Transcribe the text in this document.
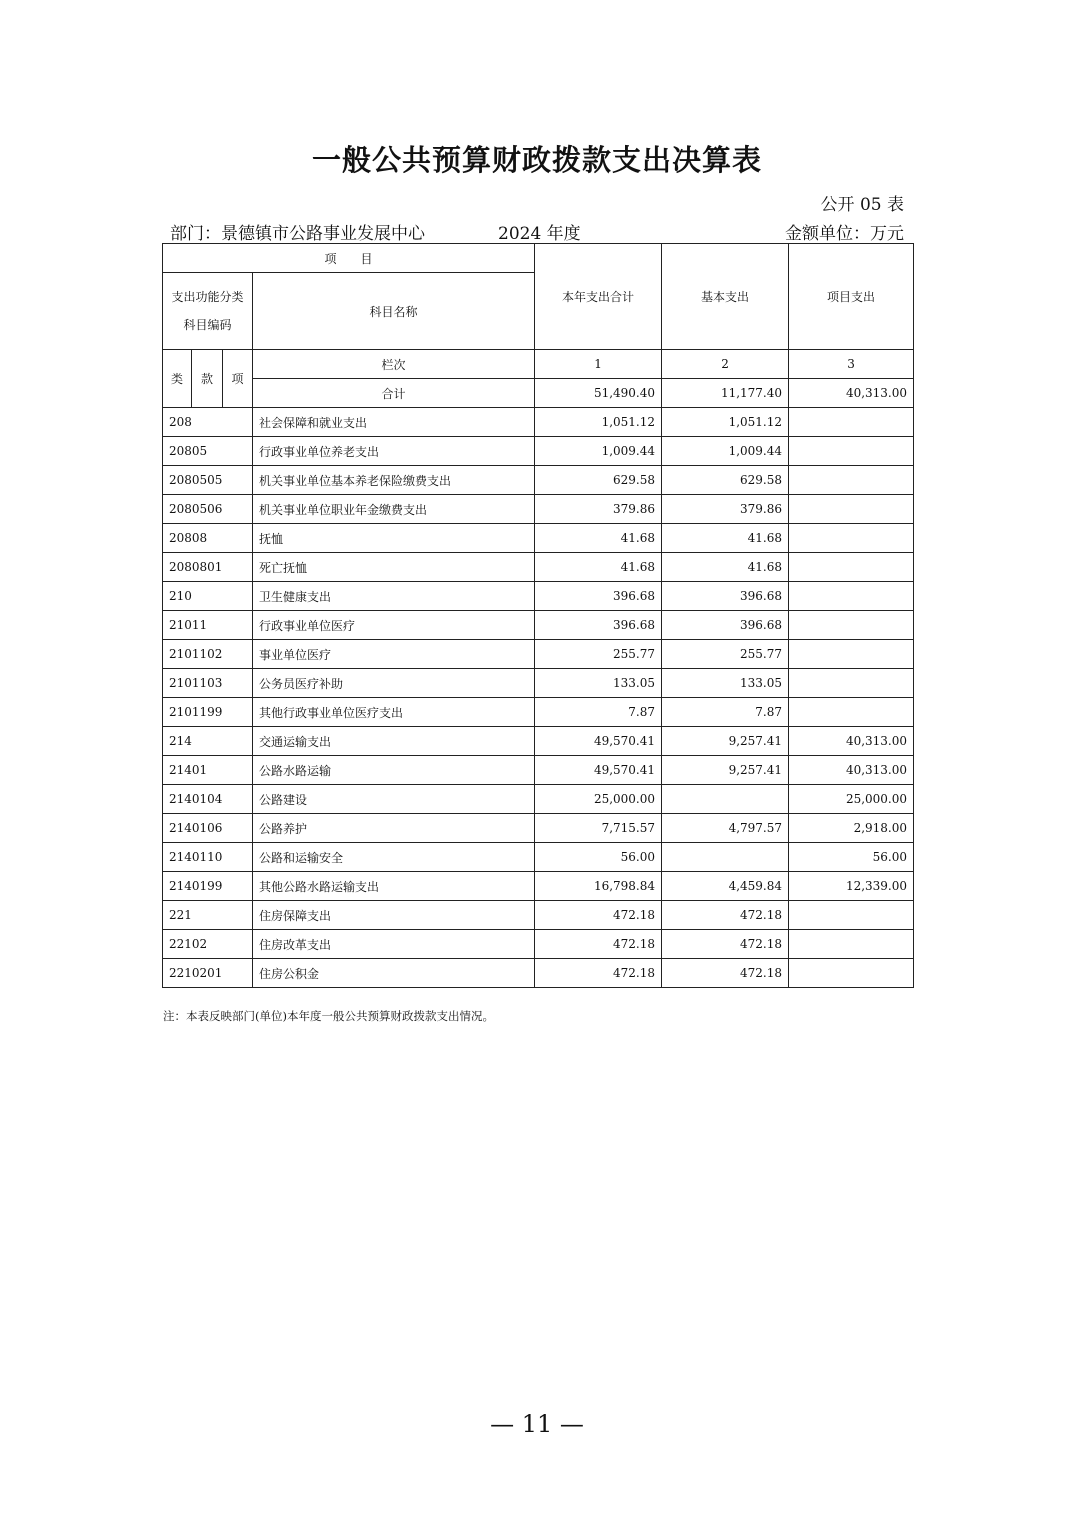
一般公共预算财政拨款支出决算表
公开 05 表
部门：景德镇市公路事业发展中心	2024 年度	金额单位：万元
项　　目				本年支出合计	基本支出	项目支出

支出功能分类
科目编码			科目名称			
类	款	项	栏次	1	2	3
			合计	51,490.40	11,177.40	40,313.00
208			社会保障和就业支出	1,051.12	1,051.12	
20805			行政事业单位养老支出	1,009.44	1,009.44	
2080505			机关事业单位基本养老保险缴费支出	629.58	629.58	
2080506			机关事业单位职业年金缴费支出	379.86	379.86	
20808			抚恤	41.68	41.68	
2080801			死亡抚恤	41.68	41.68	
210			卫生健康支出	396.68	396.68	
21011			行政事业单位医疗	396.68	396.68	
2101102			事业单位医疗	255.77	255.77	
2101103			公务员医疗补助	133.05	133.05	
2101199			其他行政事业单位医疗支出	7.87	7.87	
214			交通运输支出	49,570.41	9,257.41	40,313.00
21401			公路水路运输	49,570.41	9,257.41	40,313.00
2140104			公路建设	25,000.00		25,000.00
2140106			公路养护	7,715.57	4,797.57	2,918.00
2140110			公路和运输安全	56.00		56.00
2140199			其他公路水路运输支出	16,798.84	4,459.84	12,339.00
221			住房保障支出	472.18	472.18	
22102			住房改革支出	472.18	472.18	
2210201			住房公积金	472.18	472.18	
注：本表反映部门(单位)本年度一般公共预算财政拨款支出情况。
— 11 —
